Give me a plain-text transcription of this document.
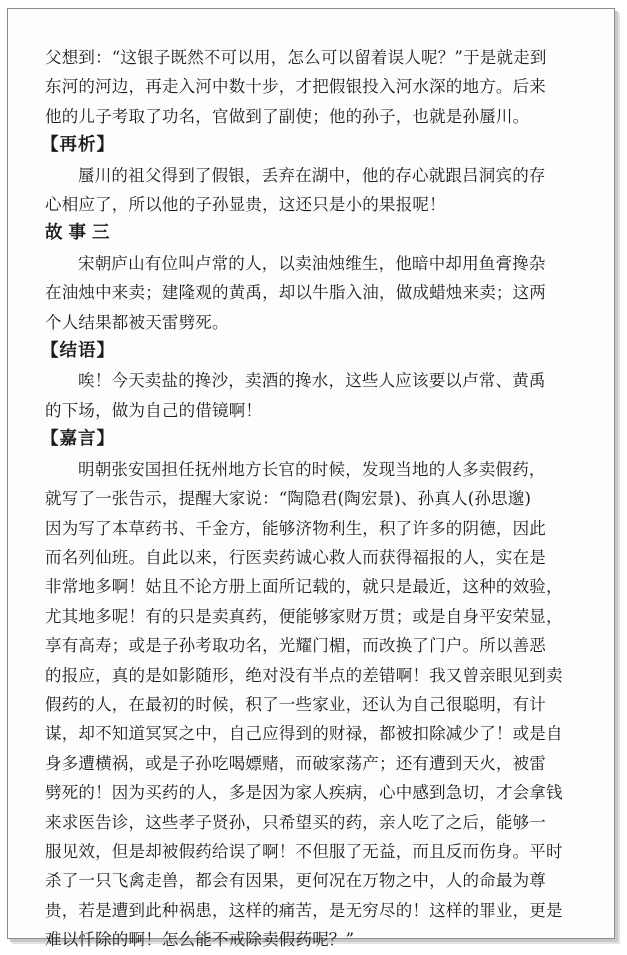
父想到：“这银子既然不可以用，怎么可以留着误人呢？”于是就走到
东河的河边，再走入河中数十步，才把假银投入河水深的地方。后来
他的儿子考取了功名，官做到了副使；他的孙子，也就是孙蜃川。
【再析】
蜃川的祖父得到了假银，丢弃在湖中，他的存心就跟吕洞宾的存
心相应了，所以他的子孙显贵，这还只是小的果报呢！
故事三
宋朝庐山有位叫卢常的人，以卖油烛维生，他暗中却用鱼膏搀杂
在油烛中来卖；建隆观的黄禹，却以牛脂入油，做成蜡烛来卖；这两
个人结果都被天雷劈死。
【结语】
唉！今天卖盐的搀沙，卖酒的搀水，这些人应该要以卢常、黄禹
的下场，做为自己的借镜啊！
【嘉言】
明朝张安国担任抚州地方长官的时候，发现当地的人多卖假药，
就写了一张告示，提醒大家说：“陶隐君(陶宏景)、孙真人(孙思邈)
因为写了本草药书、千金方，能够济物利生，积了许多的阴德，因此
而名列仙班。自此以来，行医卖药诚心救人而获得福报的人，实在是
非常地多啊！姑且不论方册上面所记载的，就只是最近，这种的效验，
尤其地多呢！有的只是卖真药，便能够家财万贯；或是自身平安荣显，
享有高寿；或是子孙考取功名，光耀门楣，而改换了门户。所以善恶
的报应，真的是如影随形，绝对没有半点的差错啊！我又曾亲眼见到卖
假药的人，在最初的时候，积了一些家业，还认为自己很聪明，有计
谋，却不知道冥冥之中，自己应得到的财禄，都被扣除减少了！或是自
身多遭横祸，或是子孙吃喝嫖赌，而破家荡产；还有遭到天火，被雷
劈死的！因为买药的人，多是因为家人疾病，心中感到急切，才会拿钱
来求医告诊，这些孝子贤孙，只希望买的药，亲人吃了之后，能够一
服见效，但是却被假药给误了啊！不但服了无益，而且反而伤身。平时
杀了一只飞禽走兽，都会有因果，更何况在万物之中，人的命最为尊
贵，若是遭到此种祸患，这样的痛苦，是无穷尽的！这样的罪业，更是
难以忏除的啊！怎么能不戒除卖假药呢？”
